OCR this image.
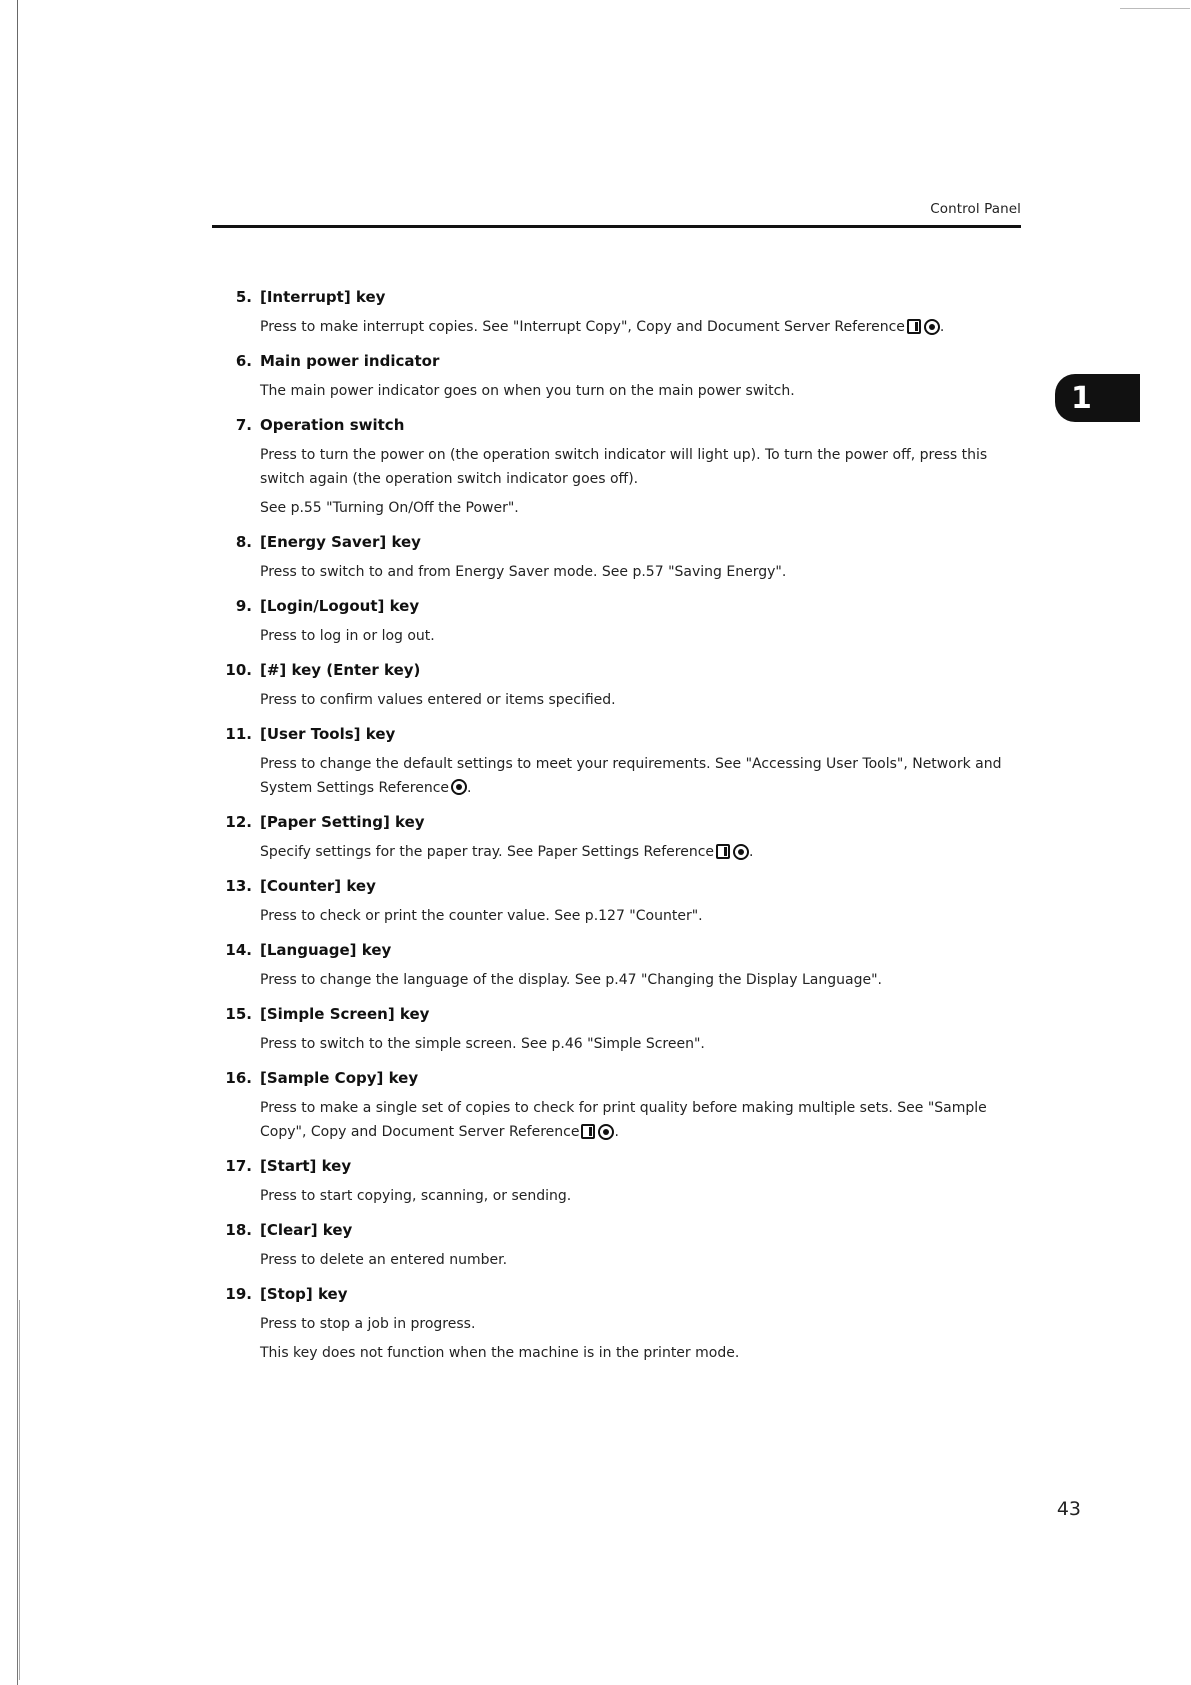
Control Panel
1
5. [Interrupt] key

Press to make interrupt copies. See "Interrupt Copy", Copy and Document Server Reference	.

6. Main power indicator

The main power indicator goes on when you turn on the main power switch.

7. Operation switch

Press to turn the power on (the operation switch indicator will light up). To turn the power off, press this switch again (the operation switch indicator goes off).

See p.55 "Turning On/Off the Power".

8. [Energy Saver] key

Press to switch to and from Energy Saver mode. See p.57 "Saving Energy".

9. [Login/Logout] key

Press to log in or log out.

10. [#] key (Enter key)

Press to confirm values entered or items specified.

11. [User Tools] key

Press to change the default settings to meet your requirements. See "Accessing User Tools", Network and System Settings Reference .

12. [Paper Setting] key

Specify settings for the paper tray. See Paper Settings Reference	.

13. [Counter] key

Press to check or print the counter value. See p.127 "Counter".

14. [Language] key

Press to change the language of the display. See p.47 "Changing the Display Language".

15. [Simple Screen] key

Press to switch to the simple screen. See p.46 "Simple Screen".

16. [Sample Copy] key

Press to make a single set of copies to check for print quality before making multiple sets. See "Sample Copy", Copy and Document Server Reference	.

17. [Start] key

Press to start copying, scanning, or sending.

18. [Clear] key

Press to delete an entered number.

19. [Stop] key

Press to stop a job in progress.

This key does not function when the machine is in the printer mode.

43
